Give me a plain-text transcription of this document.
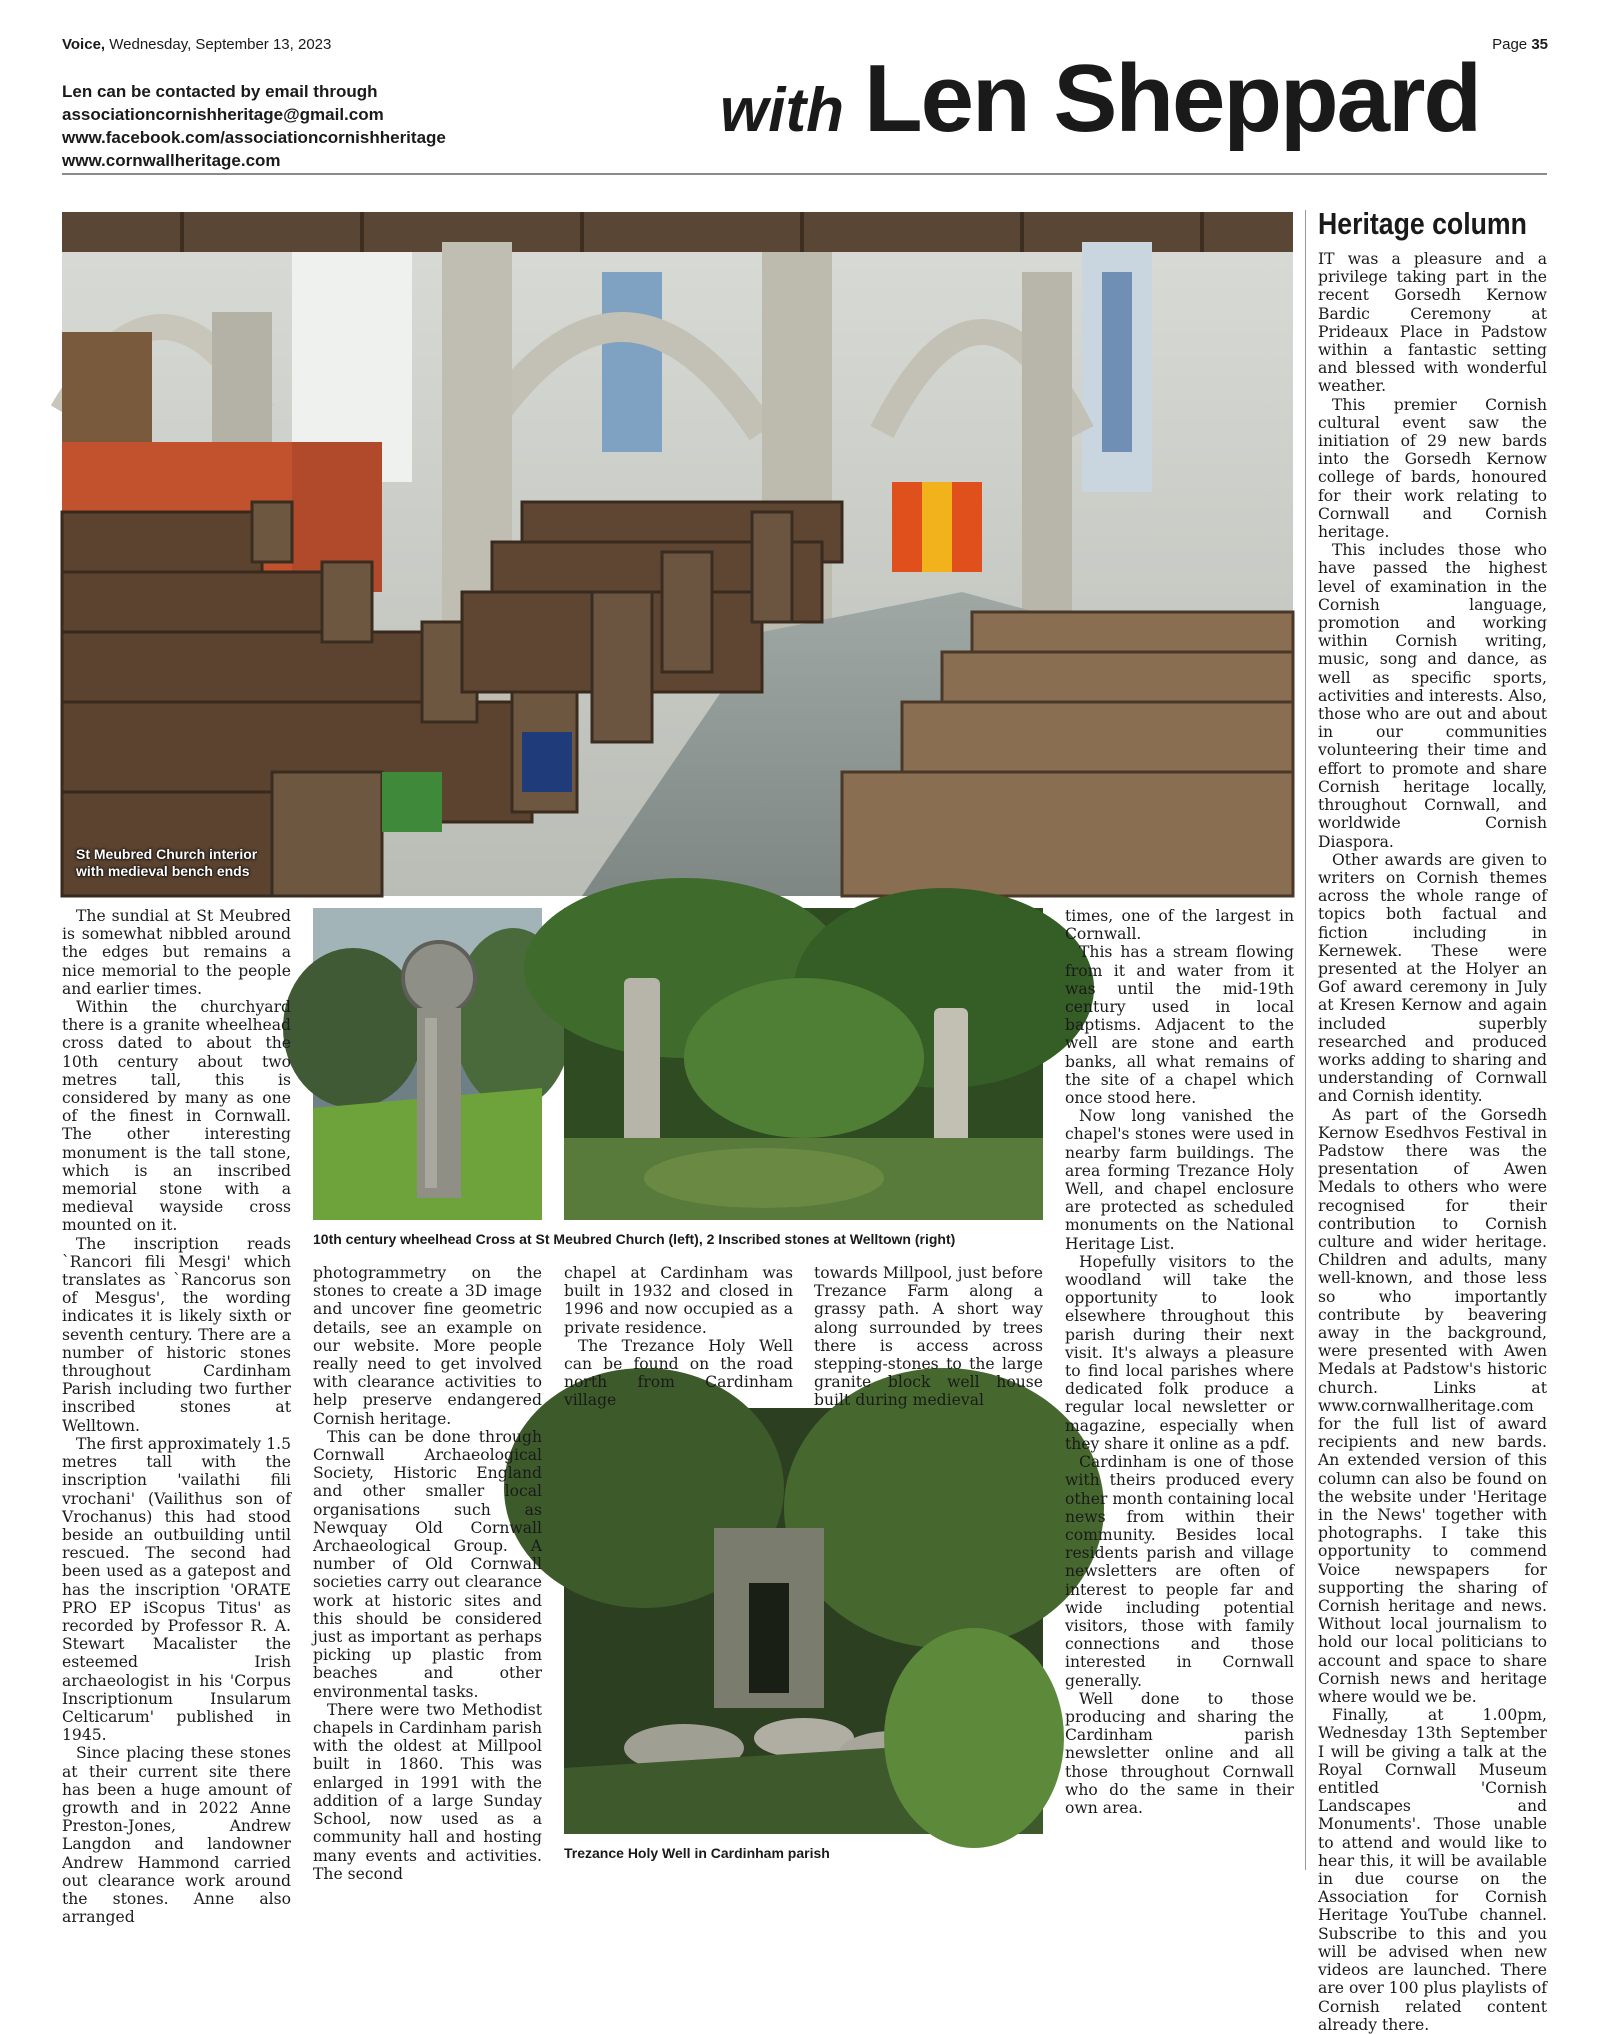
Voice, Wednesday, September 13, 2023	Page 35
Len can be contacted by email through
associationcornishheritage@gmail.com
www.facebook.com/associationcornishheritage
www.cornwallheritage.com
with Len Sheppard
St Meubred Church interior
with medieval bench ends
10th century wheelhead Cross at St Meubred Church (left), 2 Inscribed stones at Welltown (right)
Trezance Holy Well in Cardinham parish

The sundial at St Meubred is somewhat nibbled around the edges but remains a nice memorial to the people and earlier times.

Within the churchyard there is a granite wheelhead cross dated to about the 10th century about two metres tall, this is considered by many as one of the finest in Cornwall. The other interesting monument is the tall stone, which is an inscribed memorial stone with a medieval wayside cross mounted on it.

The inscription reads `Rancori fili Mesgi' which translates as `Rancorus son of Mesgus', the wording indicates it is likely sixth or seventh century. There are a number of historic stones throughout Cardinham Parish including two further inscribed stones at Welltown.

The first approximately 1.5 metres tall with the inscription 'vailathi fili vrochani' (Vailithus son of Vrochanus) this had stood beside an outbuilding until rescued. The second had been used as a gatepost and has the inscription 'ORATE PRO EP iScopus Titus' as recorded by Professor R. A. Stewart Macalister the esteemed Irish archaeologist in his 'Corpus Inscriptionum Insularum Celticarum' published in 1945.

Since placing these stones at their current site there has been a huge amount of growth and in 2022 Anne Preston-Jones, Andrew Langdon and landowner Andrew Hammond carried out clearance work around the stones. Anne also arranged

photogrammetry on the stones to create a 3D image and uncover fine geometric details, see an example on our website. More people really need to get involved with clearance activities to help preserve endangered Cornish heritage.

This can be done through Cornwall Archaeological Society, Historic England and other smaller local organisations such as Newquay Old Cornwall Archaeological Group. A number of Old Cornwall societies carry out clearance work at historic sites and this should be considered just as important as perhaps picking up plastic from beaches and other environmental tasks.

There were two Methodist chapels in Cardinham parish with the oldest at Millpool built in 1860. This was enlarged in 1991 with the addition of a large Sunday School, now used as a community hall and hosting many events and activities. The second

chapel at Cardinham was built in 1932 and closed in 1996 and now occupied as a private residence.

The Trezance Holy Well can be found on the road north from Cardinham village

towards Millpool, just before Trezance Farm along a grassy path. A short way along surrounded by trees there is access across stepping-stones to the large granite block well house built during medieval

times, one of the largest in Cornwall.

This has a stream flowing from it and water from it was until the mid-19th century used in local baptisms. Adjacent to the well are stone and earth banks, all what remains of the site of a chapel which once stood here.

Now long vanished the chapel's stones were used in nearby farm buildings. The area forming Trezance Holy Well, and chapel enclosure are protected as scheduled monuments on the National Heritage List.

Hopefully visitors to the woodland will take the opportunity to look elsewhere throughout this parish during their next visit. It's always a pleasure to find local parishes where dedicated folk produce a regular local newsletter or magazine, especially when they share it online as a pdf.

Cardinham is one of those with theirs produced every other month containing local news from within their community. Besides local residents parish and village newsletters are often of interest to people far and wide including potential visitors, those with family connections and those interested in Cornwall generally.

Well done to those producing and sharing the Cardinham parish newsletter online and all those throughout Cornwall who do the same in their own area.

Heritage column

IT was a pleasure and a privilege taking part in the recent Gorsedh Kernow Bardic Ceremony at Prideaux Place in Padstow within a fantastic setting and blessed with wonderful weather.

This premier Cornish cultural event saw the initiation of 29 new bards into the Gorsedh Kernow college of bards, honoured for their work relating to Cornwall and Cornish heritage.

This includes those who have passed the highest level of examination in the Cornish language, promotion and working within Cornish writing, music, song and dance, as well as specific sports, activities and interests. Also, those who are out and about in our communities volunteering their time and effort to promote and share Cornish heritage locally, throughout Cornwall, and worldwide Cornish Diaspora.

Other awards are given to writers on Cornish themes across the whole range of topics both factual and fiction including in Kernewek. These were presented at the Holyer an Gof award ceremony in July at Kresen Kernow and again included superbly researched and produced works adding to sharing and understanding of Cornwall and Cornish identity.

As part of the Gorsedh Kernow Esedhvos Festival in Padstow there was the presentation of Awen Medals to others who were recognised for their contribution to Cornish culture and wider heritage. Children and adults, many well-known, and those less so who importantly contribute by beavering away in the background, were presented with Awen Medals at Padstow's historic church. Links at www.cornwallheritage.com for the full list of award recipients and new bards. An extended version of this column can also be found on the website under 'Heritage in the News' together with photographs. I take this opportunity to commend Voice newspapers for supporting the sharing of Cornish heritage and news. Without local journalism to hold our local politicians to account and space to share Cornish news and heritage where would we be.

Finally, at 1.00pm, Wednesday 13th September I will be giving a talk at the Royal Cornwall Museum entitled 'Cornish Landscapes and Monuments'. Those unable to attend and would like to hear this, it will be available in due course on the Association for Cornish Heritage YouTube channel. Subscribe to this and you will be advised when new videos are launched. There are over 100 plus playlists of Cornish related content already there.
